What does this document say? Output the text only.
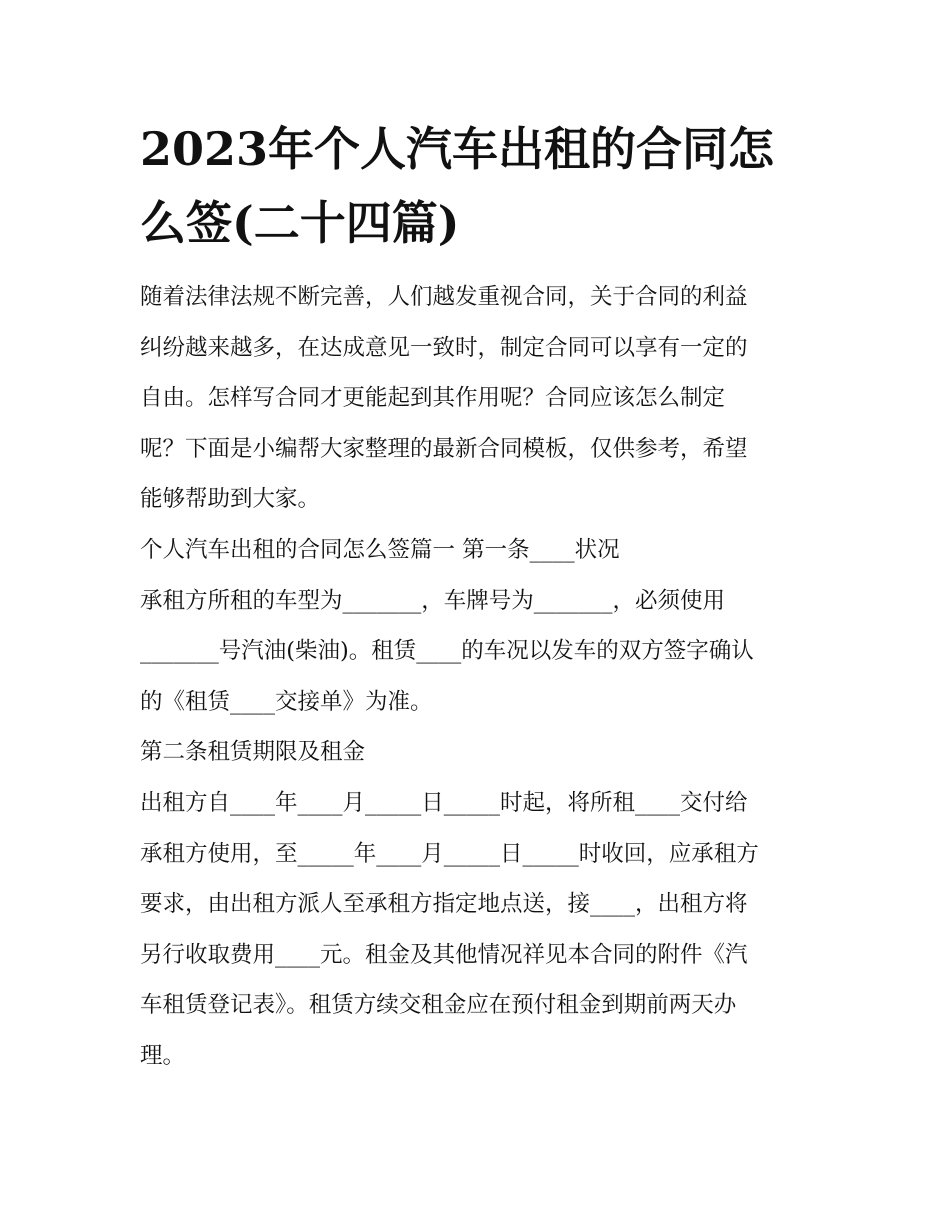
2023年个人汽车出租的合同怎
么签(二十四篇)
随着法律法规不断完善，人们越发重视合同，关于合同的利益
纠纷越来越多，在达成意见一致时，制定合同可以享有一定的
自由。怎样写合同才更能起到其作用呢？合同应该怎么制定
呢？下面是小编帮大家整理的最新合同模板，仅供参考，希望
能够帮助到大家。
个人汽车出租的合同怎么签篇一 第一条____状况
承租方所租的车型为_______，车牌号为_______，必须使用
_______号汽油(柴油)。租赁____的车况以发车的双方签字确认
的《租赁____交接单》为准。
第二条租赁期限及租金
出租方自____年____月_____日_____时起，将所租____交付给
承租方使用，至_____年____月_____日_____时收回，应承租方
要求，由出租方派人至承租方指定地点送，接____，出租方将
另行收取费用____元。租金及其他情况祥见本合同的附件《汽
车租赁登记表》。租赁方续交租金应在预付租金到期前两天办
理。
